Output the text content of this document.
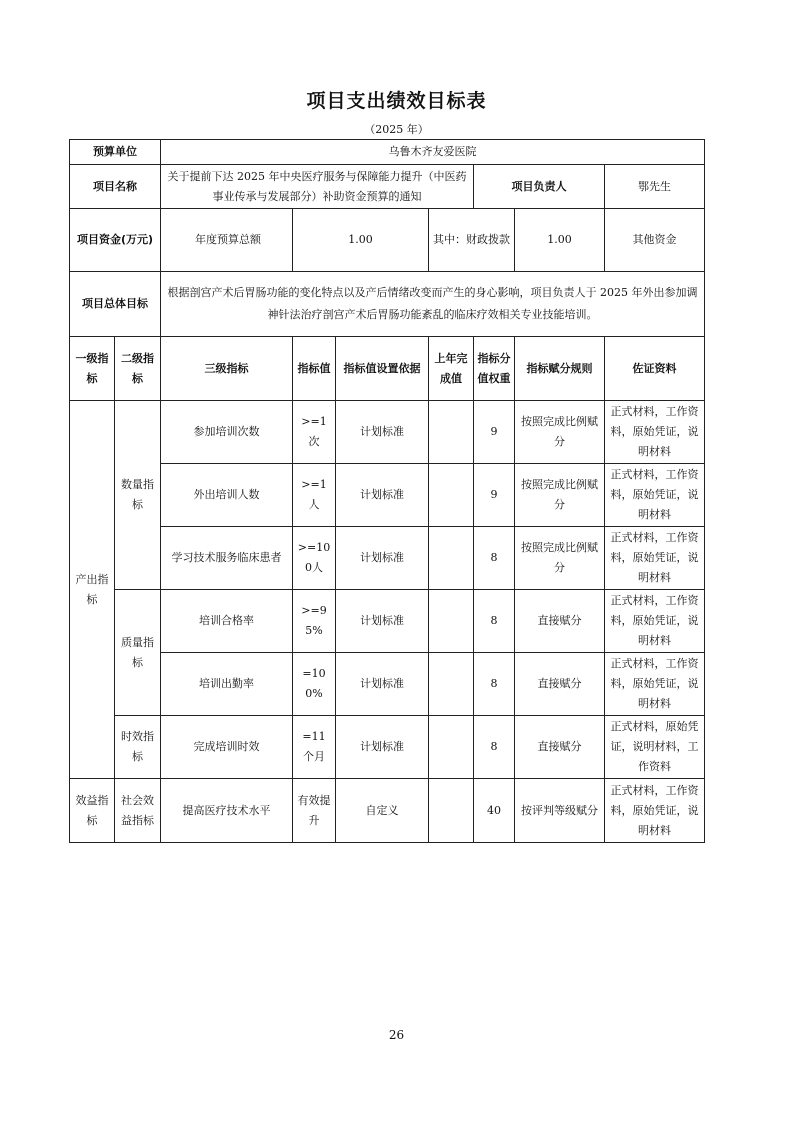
项目支出绩效目标表
（2025 年）
预算单位		乌鲁木齐友爱医院							
项目名称		关于提前下达 2025 年中央医疗服务与保障能力提升（中医药事业传承与发展部分）补助资金预算的通知				项目负责人		鄂先生	
项目资金(万元)		年度预算总额	1.00		其中：财政拨款		1.00	其他资金	
项目总体目标		根据剖宫产术后胃肠功能的变化特点以及产后情绪改变而产生的身心影响，项目负责人于 2025 年外出参加调神针法治疗剖宫产术后胃肠功能紊乱的临床疗效相关专业技能培训。							
一级指标	二级指标	三级指标	指标值	指标值设置依据	上年完成值	指标分值权重	指标赋分规则	佐证资料	
产出指标	数量指标	参加培训次数	>=1次	计划标准		9	按照完成比例赋分	正式材料，工作资料，原始凭证，说明材料	
		外出培训人数	>=1人	计划标准		9	按照完成比例赋分	正式材料，工作资料，原始凭证，说明材料	
		学习技术服务临床患者	>=100人	计划标准		8	按照完成比例赋分	正式材料，工作资料，原始凭证，说明材料	
	质量指标	培训合格率	>=95%	计划标准		8	直接赋分	正式材料，工作资料，原始凭证，说明材料	
		培训出勤率	=100%	计划标准		8	直接赋分	正式材料，工作资料，原始凭证，说明材料	
	时效指标	完成培训时效	=11 个月	计划标准		8	直接赋分	正式材料，原始凭证，说明材料，工作资料	
效益指标	社会效益指标	提高医疗技术水平	有效提升	自定义		40	按评判等级赋分	正式材料，工作资料，原始凭证，说明材料	
26
